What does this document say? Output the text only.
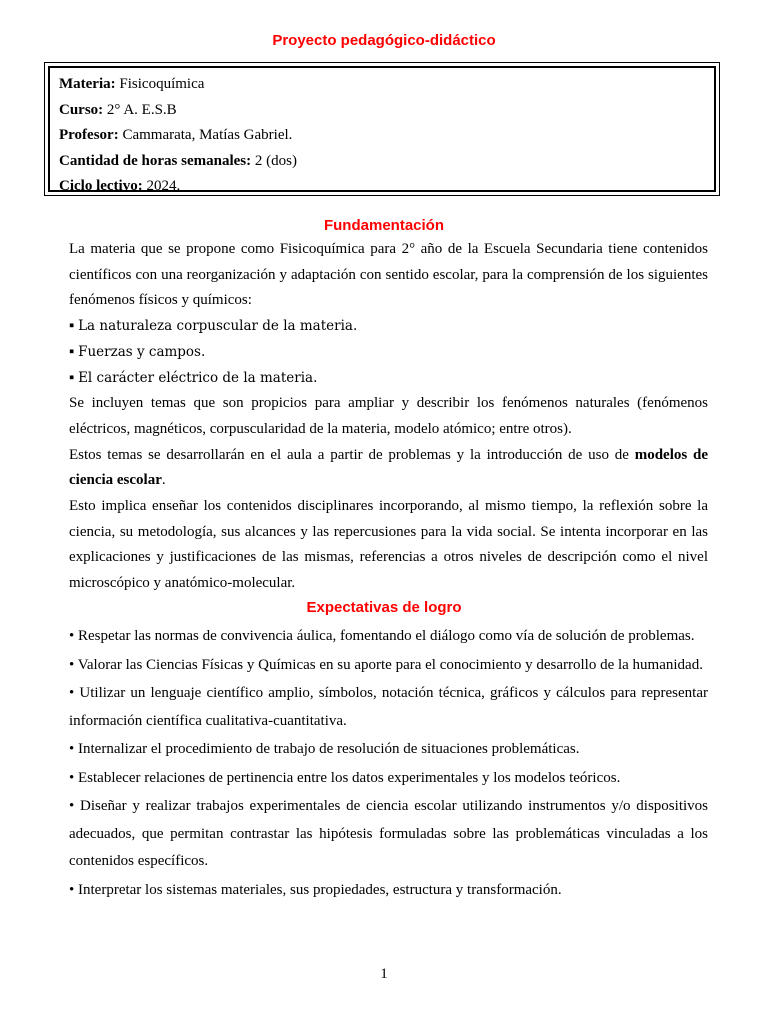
Proyecto pedagógico-didáctico
Materia: Fisicoquímica
Curso: 2° A. E.S.B
Profesor: Cammarata, Matías Gabriel.
Cantidad de horas semanales: 2 (dos)
Ciclo lectivo: 2024.
Fundamentación

La materia que se propone como Fisicoquímica para 2° año de la Escuela Secundaria tiene contenidos científicos con una reorganización y adaptación con sentido escolar, para la comprensión de los siguientes fenómenos físicos y químicos:

▪ La naturaleza corpuscular de la materia.

▪ Fuerzas y campos.

▪ El carácter eléctrico de la materia.

Se incluyen temas que son propicios para ampliar y describir los fenómenos naturales (fenómenos eléctricos, magnéticos, corpuscularidad de la materia, modelo atómico; entre otros).

Estos temas se desarrollarán en el aula a partir de problemas y la introducción de uso de modelos de ciencia escolar.

Esto implica enseñar los contenidos disciplinares incorporando, al mismo tiempo, la reflexión sobre la ciencia, su metodología, sus alcances y las repercusiones para la vida social. Se intenta incorporar en las explicaciones y justificaciones de las mismas, referencias a otros niveles de descripción como el nivel microscópico y anatómico-molecular.

Expectativas de logro

• Respetar las normas de convivencia áulica, fomentando el diálogo como vía de solución de problemas.

• Valorar las Ciencias Físicas y Químicas en su aporte para el conocimiento y desarrollo de la humanidad.

• Utilizar un lenguaje científico amplio, símbolos, notación técnica, gráficos y cálculos para representar información científica cualitativa-cuantitativa.

• Internalizar el procedimiento de trabajo de resolución de situaciones problemáticas.

• Establecer relaciones de pertinencia entre los datos experimentales y los modelos teóricos.

• Diseñar y realizar trabajos experimentales de ciencia escolar utilizando instrumentos y/o dispositivos adecuados, que permitan contrastar las hipótesis formuladas sobre las problemáticas vinculadas a los contenidos específicos.

• Interpretar los sistemas materiales, sus propiedades, estructura y transformación.

1
